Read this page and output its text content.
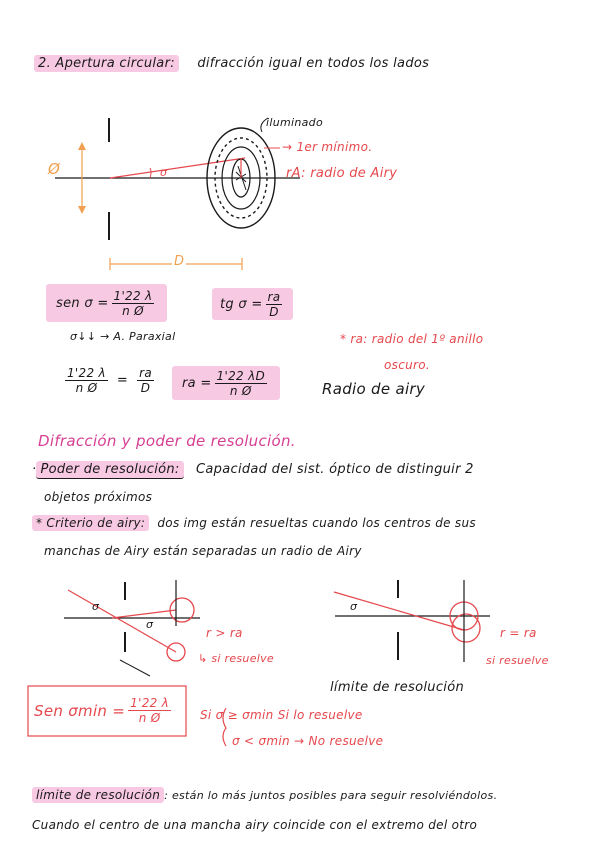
2. Apertura circular: difracción igual en todos los lados
iluminado
→ 1er mínimo.
rA: radio de Airy
Ø	σ
D
sen $\sigma = \frac{1'22 \lambda}{\text{n Ø}}$	tg $\sigma = \frac{ra}{D}$
σ↓↓ → A. Paraxial	* ra: radio del 1º anillo
oscuro.
$\frac{1'22 \lambda}{\text{n Ø}} = \frac{ra}{D}$ ra = $\frac{1'22 \lambda D}{\text{n Ø}}$	Radio de airy
Difracción y poder de resolución.
· Poder de resolución: Capacidad del sist. óptico de distinguir 2
objetos próximos
* Criterio de airy: dos img están resueltas cuando los centros de sus
manchas de Airy están separadas un radio de Airy
σ
σ
r > ra
↳ si resuelve
σ
r = ra
si resuelve
límite de resolución
Sen $\sigma\min = \frac{1'22 \lambda}{\text{n Ø}}$ Si σ ≥ σmin Si lo resuelve
σ < σmin → No resuelve
límite de resolución : están lo más juntos posibles para seguir resolviéndolos.
Cuando el centro de una mancha airy coincide con el extremo del otro
